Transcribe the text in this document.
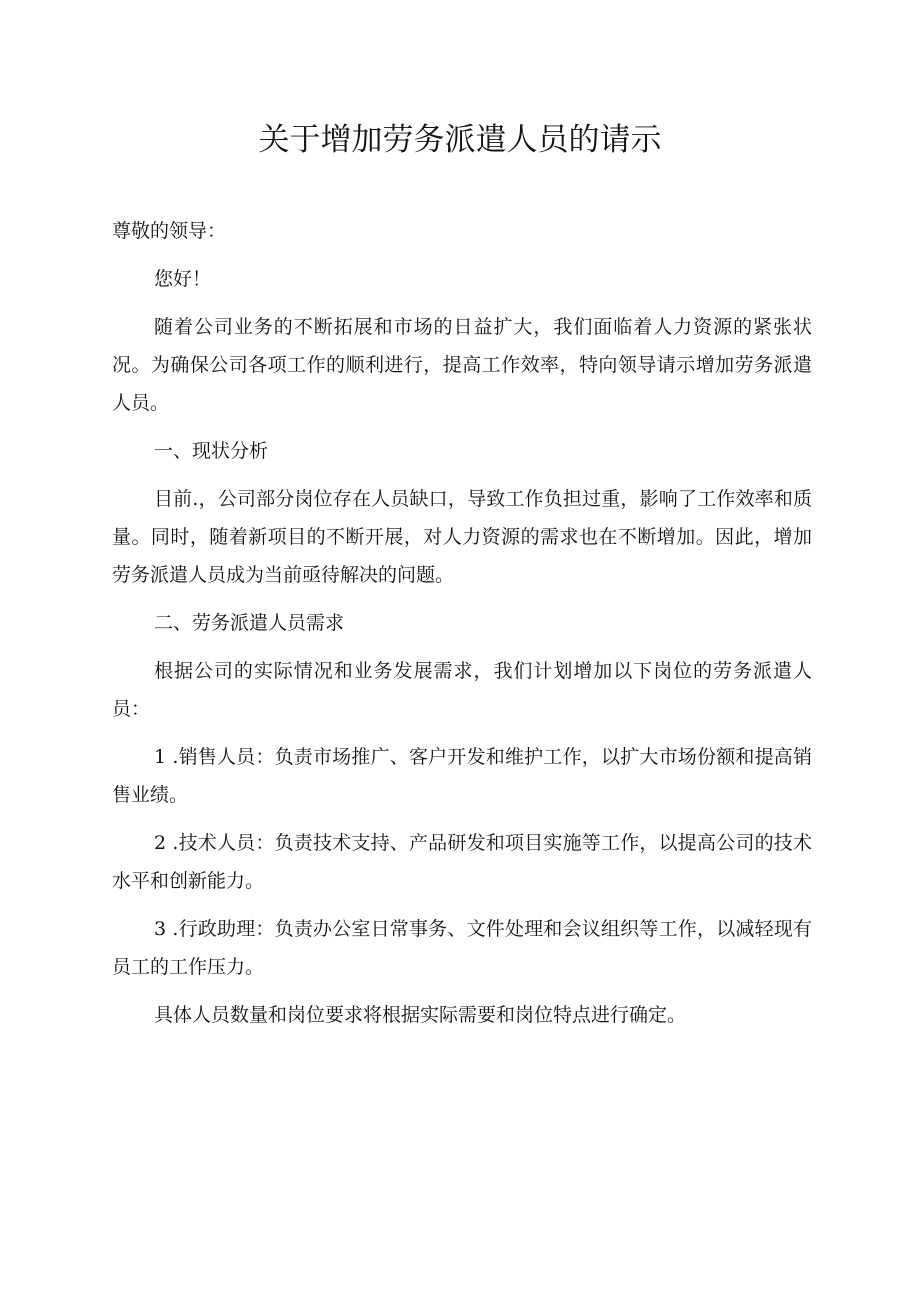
关于增加劳务派遣人员的请示

尊敬的领导：

您好！

随着公司业务的不断拓展和市场的日益扩大，我们面临着人力资源的紧张状况。为确保公司各项工作的顺利进行，提高工作效率，特向领导请示增加劳务派遣人员。

一、现状分析

目前.，公司部分岗位存在人员缺口，导致工作负担过重，影响了工作效率和质量。同时，随着新项目的不断开展，对人力资源的需求也在不断增加。因此，增加劳务派遣人员成为当前亟待解决的问题。

二、劳务派遣人员需求

根据公司的实际情况和业务发展需求，我们计划增加以下岗位的劳务派遣人员：

1 .销售人员：负责市场推广、客户开发和维护工作，以扩大市场份额和提高销售业绩。

2 .技术人员：负责技术支持、产品研发和项目实施等工作，以提高公司的技术水平和创新能力。

3 .行政助理：负责办公室日常事务、文件处理和会议组织等工作，以减轻现有员工的工作压力。

具体人员数量和岗位要求将根据实际需要和岗位特点进行确定。
